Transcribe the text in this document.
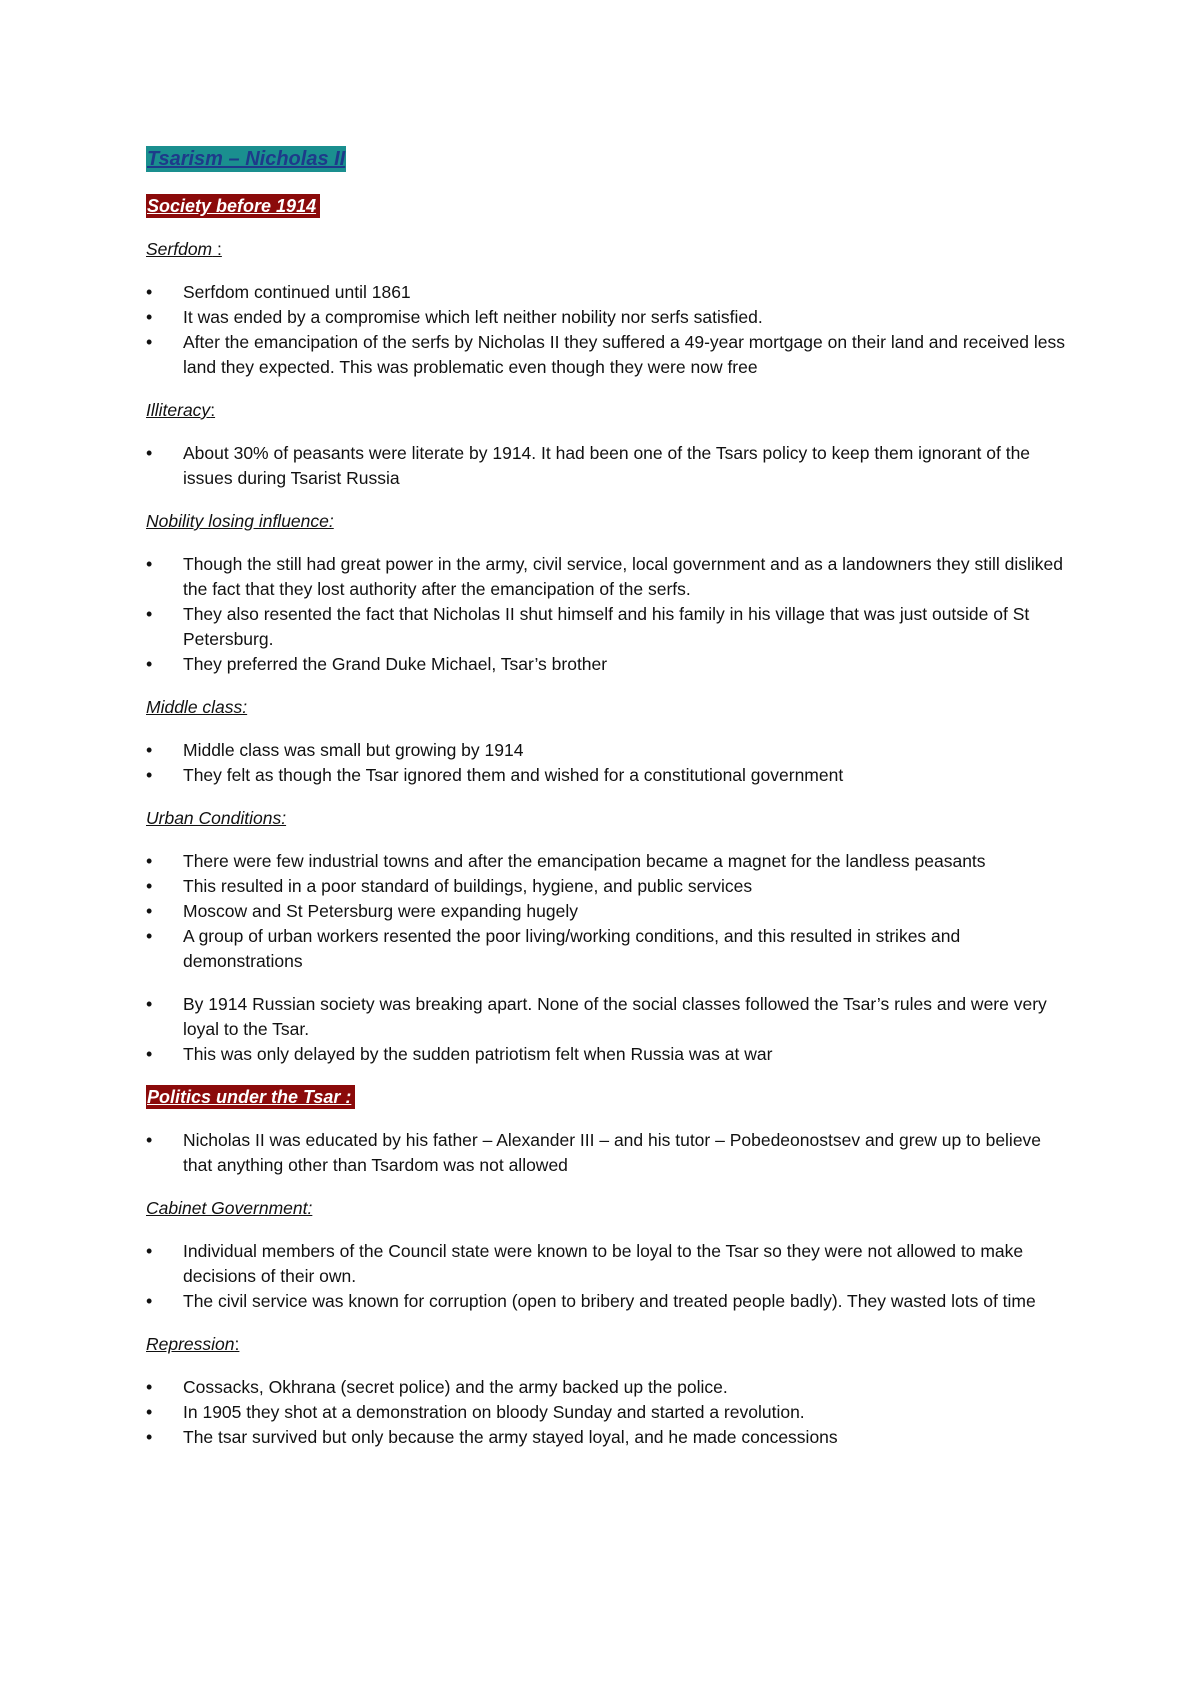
Tsarism – Nicholas II
Society before 1914
Serfdom :
• Serfdom continued until 1861
• It was ended by a compromise which left neither nobility nor serfs satisfied.
• After the emancipation of the serfs by Nicholas II they suffered a 49-year mortgage on their land and received less land they expected. This was problematic even though they were now free
Illiteracy:
• About 30% of peasants were literate by 1914. It had been one of the Tsars policy to keep them ignorant of the issues during Tsarist Russia
Nobility losing influence:
• Though the still had great power in the army, civil service, local government and as a landowners they still disliked the fact that they lost authority after the emancipation of the serfs.
• They also resented the fact that Nicholas II shut himself and his family in his village that was just outside of St Petersburg.
• They preferred the Grand Duke Michael, Tsar’s brother
Middle class:
• Middle class was small but growing by 1914
• They felt as though the Tsar ignored them and wished for a constitutional government
Urban Conditions:
• There were few industrial towns and after the emancipation became a magnet for the landless peasants
• This resulted in a poor standard of buildings, hygiene, and public services
• Moscow and St Petersburg were expanding hugely
• A group of urban workers resented the poor living/working conditions, and this resulted in strikes and demonstrations
• By 1914 Russian society was breaking apart. None of the social classes followed the Tsar’s rules and were very loyal to the Tsar.
• This was only delayed by the sudden patriotism felt when Russia was at war
Politics under the Tsar :
• Nicholas II was educated by his father – Alexander III – and his tutor – Pobedeonostsev and grew up to believe that anything other than Tsardom was not allowed
Cabinet Government:
• Individual members of the Council state were known to be loyal to the Tsar so they were not allowed to make decisions of their own.
• The civil service was known for corruption (open to bribery and treated people badly). They wasted lots of time
Repression:
• Cossacks, Okhrana (secret police) and the army backed up the police.
• In 1905 they shot at a demonstration on bloody Sunday and started a revolution.
• The tsar survived but only because the army stayed loyal, and he made concessions
